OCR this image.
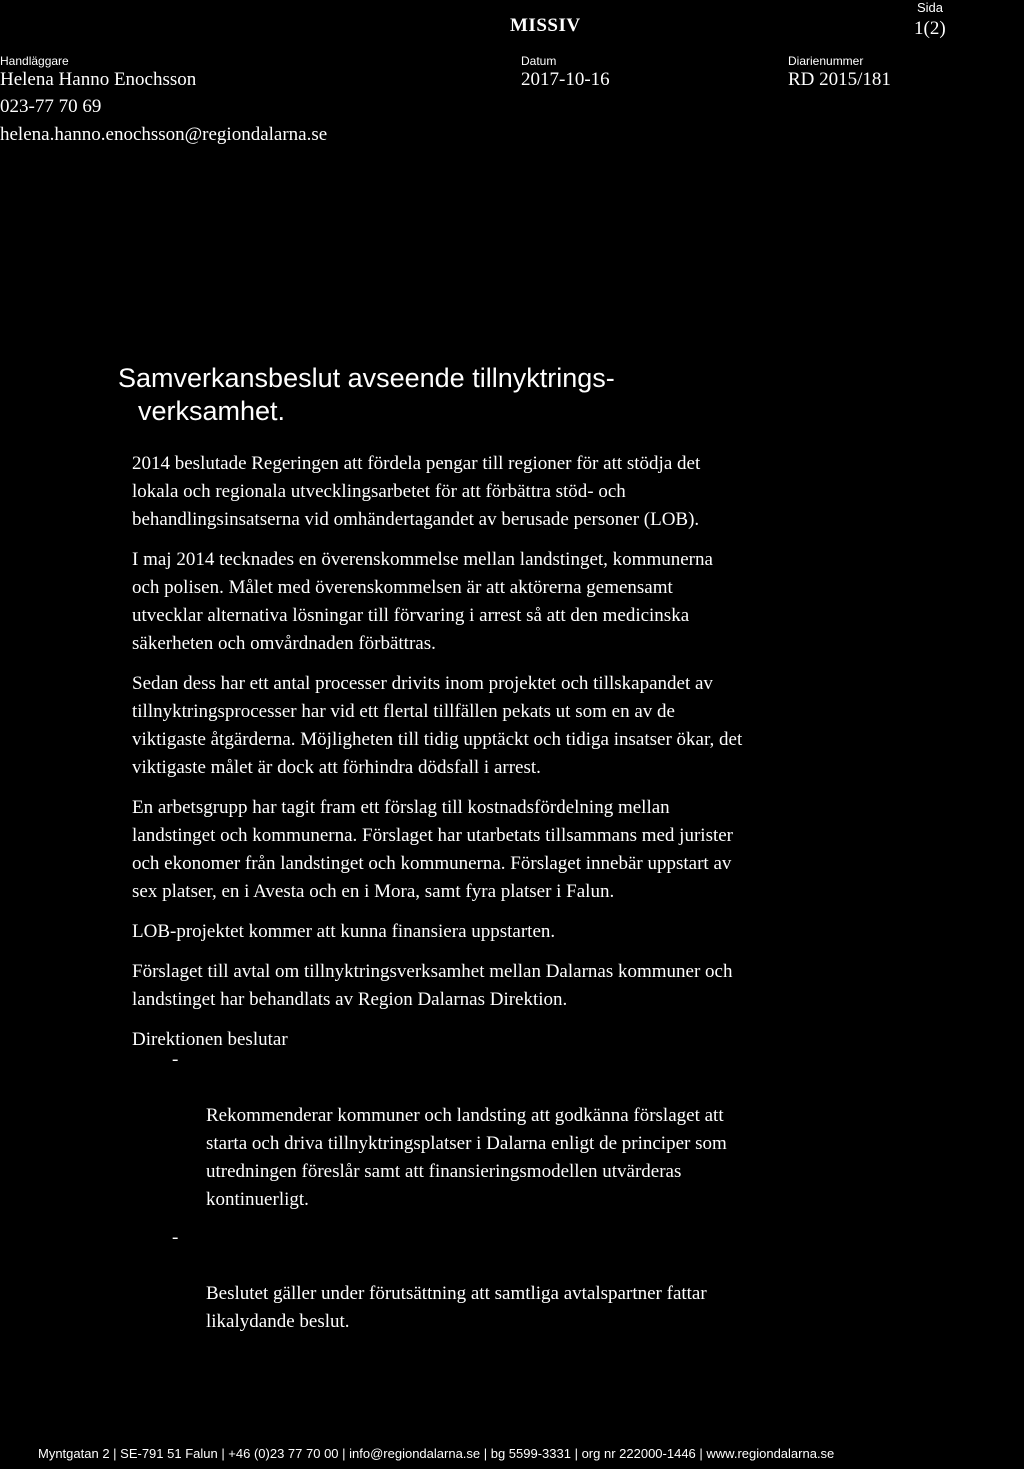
MISSIV
Sida
1(2)
Handläggare
Helena Hanno Enochsson
023-77 70 69
helena.hanno.enochsson@regiondalarna.se
Datum
2017-10-16
Diarienummer
RD 2015/181
Samverkansbeslut avseende tillnyktrings-
verksamhet.

2014 beslutade Regeringen att fördela pengar till regioner för att stödja det
lokala och regionala utvecklingsarbetet för att förbättra stöd- och
behandlingsinsatserna vid omhändertagandet av berusade personer (LOB).

I maj 2014 tecknades en överenskommelse mellan landstinget, kommunerna
och polisen. Målet med överenskommelsen är att aktörerna gemensamt
utvecklar alternativa lösningar till förvaring i arrest så att den medicinska
säkerheten och omvårdnaden förbättras.

Sedan dess har ett antal processer drivits inom projektet och tillskapandet av
tillnyktringsprocesser har vid ett flertal tillfällen pekats ut som en av de
viktigaste åtgärderna. Möjligheten till tidig upptäckt och tidiga insatser ökar, det
viktigaste målet är dock att förhindra dödsfall i arrest.

En arbetsgrupp har tagit fram ett förslag till kostnadsfördelning mellan
landstinget och kommunerna. Förslaget har utarbetats tillsammans med jurister
och ekonomer från landstinget och kommunerna. Förslaget innebär uppstart av
sex platser, en i Avesta och en i Mora, samt fyra platser i Falun.

LOB-projektet kommer att kunna finansiera uppstarten.

Förslaget till avtal om tillnyktringsverksamhet mellan Dalarnas kommuner och
landstinget har behandlats av Region Dalarnas Direktion.

Direktionen beslutar

-

Rekommenderar kommuner och landsting att godkänna förslaget att
starta och driva tillnyktringsplatser i Dalarna enligt de principer som
utredningen föreslår samt att finansieringsmodellen utvärderas
kontinuerligt.

-

Beslutet gäller under förutsättning att samtliga avtalspartner fattar
likalydande beslut.

Myntgatan 2 | SE-791 51 Falun | +46 (0)23 77 70 00 | info@regiondalarna.se | bg 5599-3331 | org nr 222000-1446 | www.regiondalarna.se
